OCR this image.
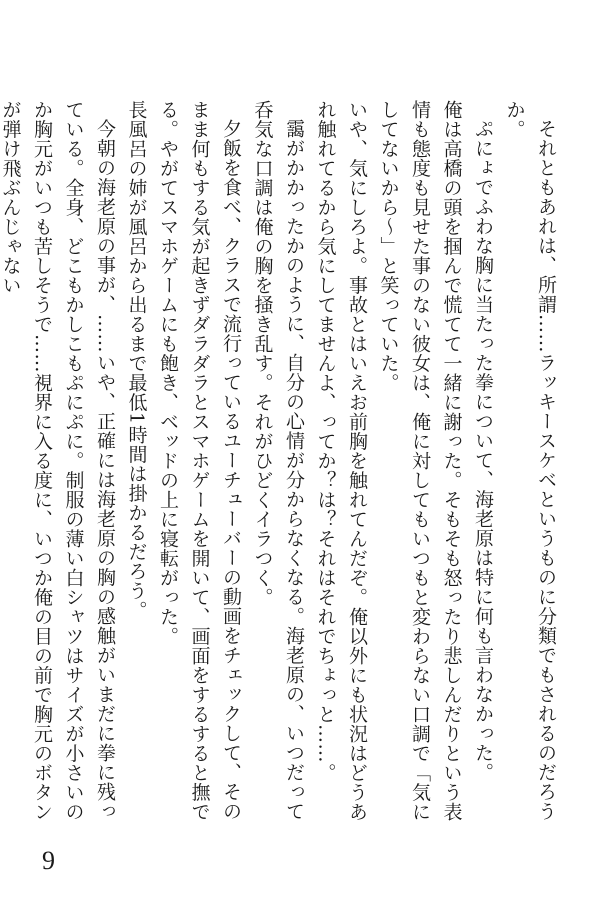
それともあれは、所謂……ラッキースケベというものに分類でもされるのだろうか。

ぷにょでふわな胸に当たった拳について、海老原は特に何も言わなかった。

俺は高橋の頭を掴んで慌てて一緒に謝った。そもそも怒ったり悲しんだりという表情も態度も見せた事のない彼女は、俺に対してもいつもと変わらない口調で「気にしてないから〜」と笑っていた。

いや、気にしろよ。事故とはいえお前胸を触れてんだぞ。俺以外にも状況はどうあれ触れてるから気にしてませんよ、ってか？は？それはそれでちょっと……。

靄がかかったかのように、自分の心情が分からなくなる。海老原の、いつだって呑気な口調は俺の胸を掻き乱す。それがひどくイラつく。

夕飯を食べ、クラスで流行っているユーチューバーの動画をチェックして、そのまま何もする気が起きずダラダラとスマホゲームを開いて、画面をするすると撫でる。やがてスマホゲームにも飽き、ベッドの上に寝転がった。

長風呂の姉が風呂から出るまで最低1時間は掛かるだろう。

今朝の海老原の事が、……いや、正確には海老原の胸の感触がいまだに拳に残っている。全身、どこもかしこもぷにぷに。制服の薄い白シャツはサイズが小さいのか胸元がいつも苦しそうで……視界に入る度に、いつか俺の目の前で胸元のボタンが弾け飛ぶんじゃない

9
